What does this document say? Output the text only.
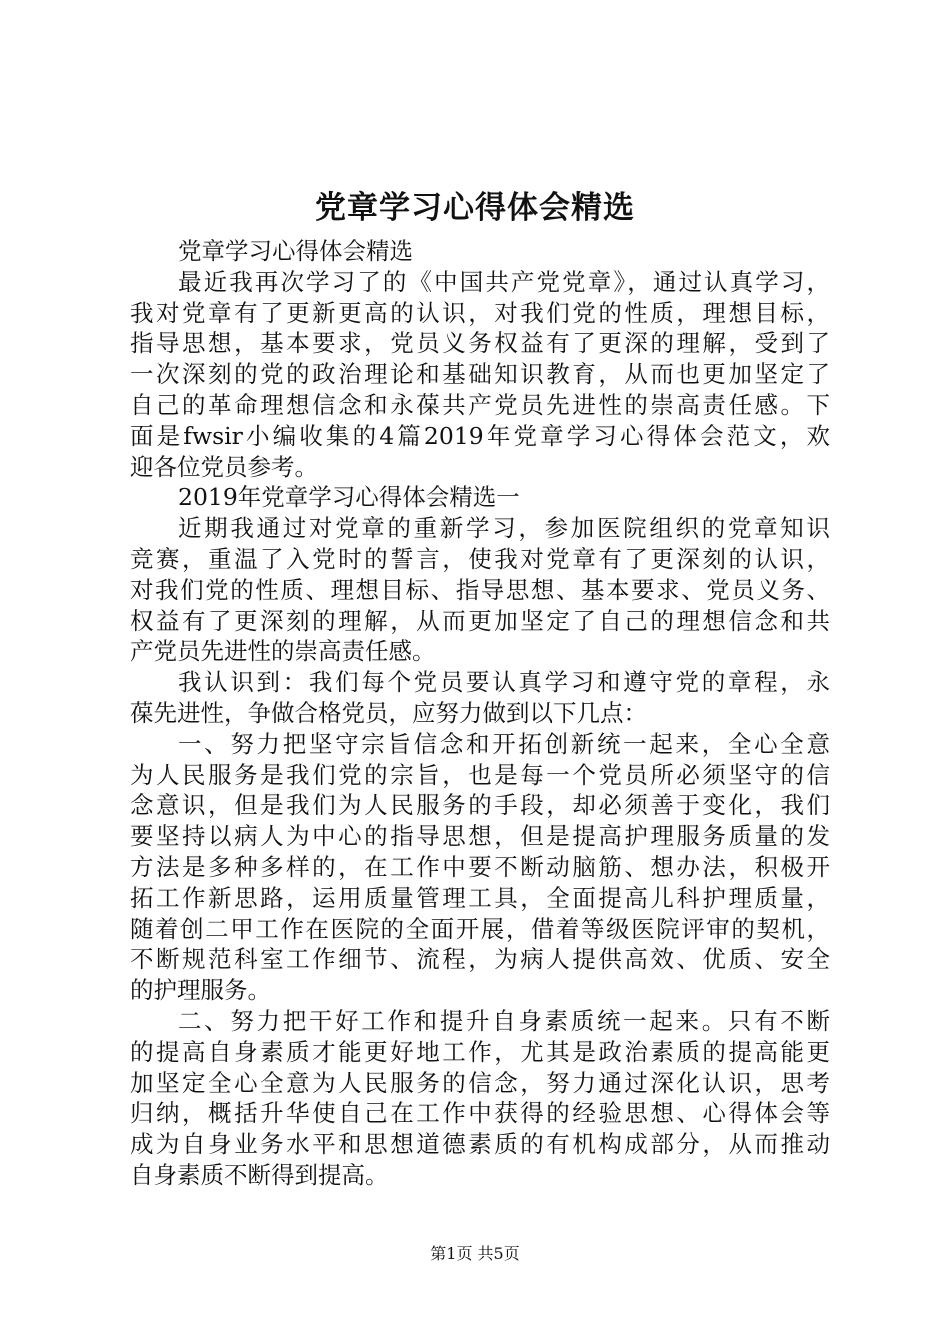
党章学习心得体会精选
党章学习心得体会精选
最近我再次学习了的《中国共产党党章》，通过认真学习，
我对党章有了更新更高的认识，对我们党的性质，理想目标，
指导思想，基本要求，党员义务权益有了更深的理解，受到了
一次深刻的党的政治理论和基础知识教育，从而也更加坚定了
自己的革命理想信念和永葆共产党员先进性的崇高责任感。下
面是fwsir小编收集的4篇2019年党章学习心得体会范文，欢
迎各位党员参考。
2019年党章学习心得体会精选一
近期我通过对党章的重新学习，参加医院组织的党章知识
竞赛，重温了入党时的誓言，使我对党章有了更深刻的认识，
对我们党的性质、理想目标、指导思想、基本要求、党员义务、
权益有了更深刻的理解，从而更加坚定了自己的理想信念和共
产党员先进性的崇高责任感。
我认识到：我们每个党员要认真学习和遵守党的章程，永
葆先进性，争做合格党员，应努力做到以下几点：
一、努力把坚守宗旨信念和开拓创新统一起来，全心全意
为人民服务是我们党的宗旨，也是每一个党员所必须坚守的信
念意识，但是我们为人民服务的手段，却必须善于变化，我们
要坚持以病人为中心的指导思想，但是提高护理服务质量的发
方法是多种多样的，在工作中要不断动脑筋、想办法，积极开
拓工作新思路，运用质量管理工具，全面提高儿科护理质量，
随着创二甲工作在医院的全面开展，借着等级医院评审的契机，
不断规范科室工作细节、流程，为病人提供高效、优质、安全
的护理服务。
二、努力把干好工作和提升自身素质统一起来。只有不断
的提高自身素质才能更好地工作，尤其是政治素质的提高能更
加坚定全心全意为人民服务的信念，努力通过深化认识，思考
归纳，概括升华使自己在工作中获得的经验思想、心得体会等
成为自身业务水平和思想道德素质的有机构成部分，从而推动
自身素质不断得到提高。
第1页 共5页
